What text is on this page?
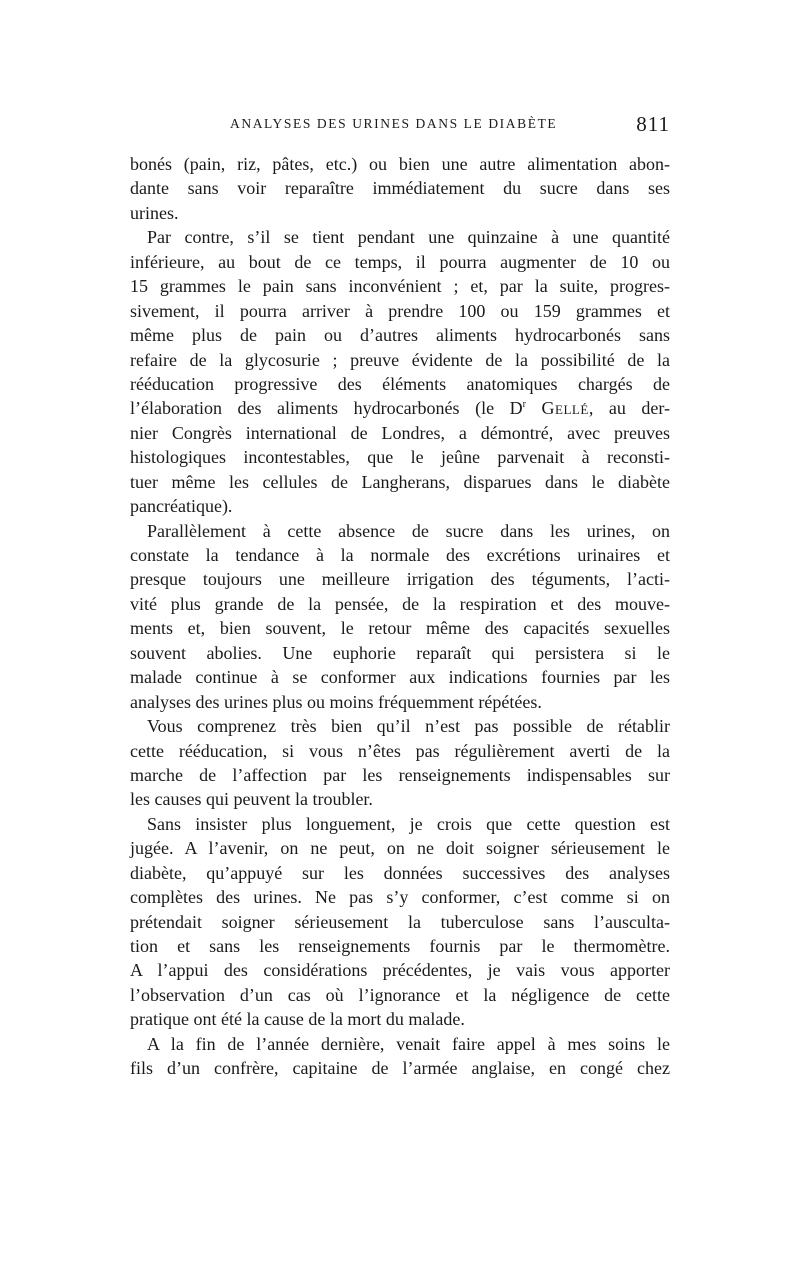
ANALYSES DES URINES DANS LE DIABÈTE	811
bonés (pain, riz, pâtes, etc.) ou bien une autre alimentation abon-
dante sans voir reparaître immédiatement du sucre dans ses
urines.
Par contre, s’il se tient pendant une quinzaine à une quantité
inférieure, au bout de ce temps, il pourra augmenter de 10 ou
15 grammes le pain sans inconvénient ; et, par la suite, progres-
sivement, il pourra arriver à prendre 100 ou 159 grammes et
même plus de pain ou d’autres aliments hydrocarbonés sans
refaire de la glycosurie ; preuve évidente de la possibilité de la
rééducation progressive des éléments anatomiques chargés de
l’élaboration des aliments hydrocarbonés (le $D^r$ Gellé, au der-
nier Congrès international de Londres, a démontré, avec preuves
histologiques incontestables, que le jeûne parvenait à reconsti-
tuer même les cellules de Langherans, disparues dans le diabète
pancréatique).
Parallèlement à cette absence de sucre dans les urines, on
constate la tendance à la normale des excrétions urinaires et
presque toujours une meilleure irrigation des téguments, l’acti-
vité plus grande de la pensée, de la respiration et des mouve-
ments et, bien souvent, le retour même des capacités sexuelles
souvent abolies. Une euphorie reparaît qui persistera si le
malade continue à se conformer aux indications fournies par les
analyses des urines plus ou moins fréquemment répétées.
Vous comprenez très bien qu’il n’est pas possible de rétablir
cette rééducation, si vous n’êtes pas régulièrement averti de la
marche de l’affection par les renseignements indispensables sur
les causes qui peuvent la troubler.
Sans insister plus longuement, je crois que cette question est
jugée. A l’avenir, on ne peut, on ne doit soigner sérieusement le
diabète, qu’appuyé sur les données successives des analyses
complètes des urines. Ne pas s’y conformer, c’est comme si on
prétendait soigner sérieusement la tuberculose sans l’ausculta-
tion et sans les renseignements fournis par le thermomètre.
A l’appui des considérations précédentes, je vais vous apporter
l’observation d’un cas où l’ignorance et la négligence de cette
pratique ont été la cause de la mort du malade.
A la fin de l’année dernière, venait faire appel à mes soins le
fils d’un confrère, capitaine de l’armée anglaise, en congé chez
